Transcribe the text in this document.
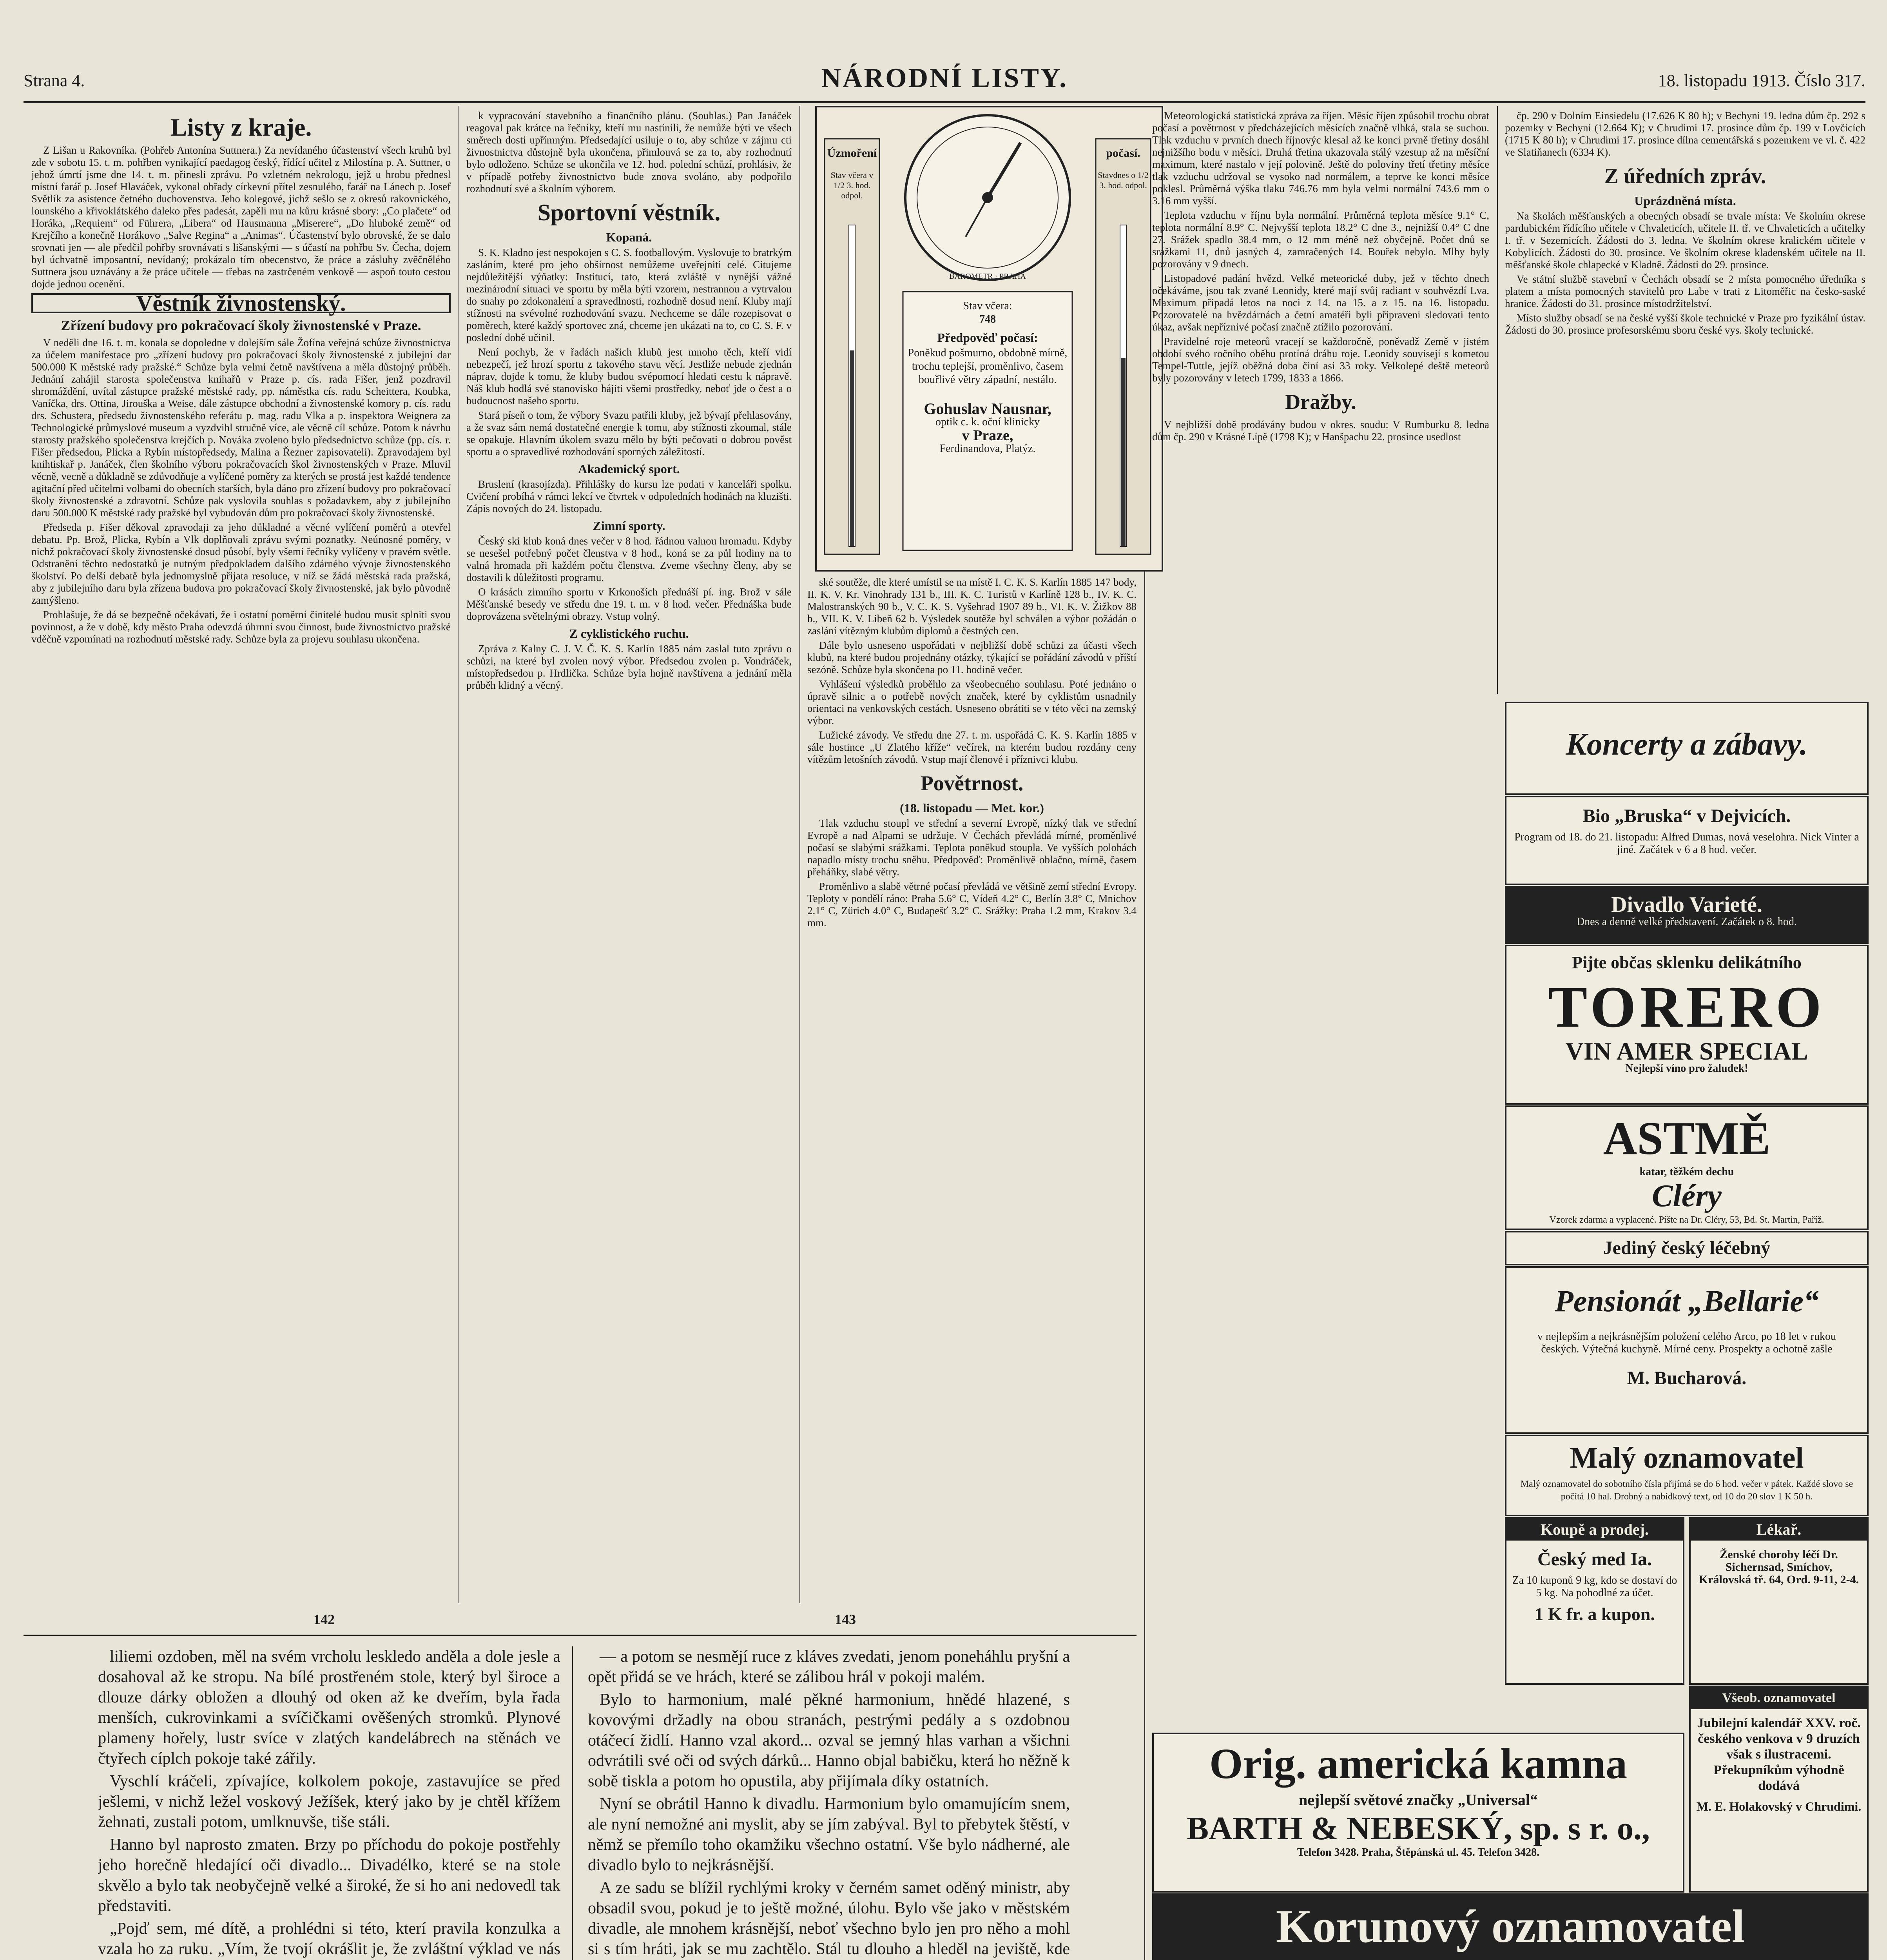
Strana 4.	NÁRODNÍ LISTY.	18. listopadu 1913. Číslo 317.
Listy z kraje.

Z Lišan u Rakovníka. (Pohřeb Antonína Suttnera.) Za nevídaného účastenství všech kruhů byl zde v sobotu 15. t. m. pohřben vynikající paedagog český, řídící učitel z Milostína p. A. Suttner, o jehož úmrtí jsme dne 14. t. m. přinesli zprávu. Po vzletném nekrologu, jejž u hrobu přednesl místní farář p. Josef Hlaváček, vykonal obřady církevní přítel zesnulého, farář na Lánech p. Josef Světlík za asistence četného duchovenstva. Jeho kolegové, jichž sešlo se z okresů rakovnického, lounského a křivoklátského daleko přes padesát, zapěli mu na kůru krásné sbory: „Co plačete“ od Horáka, „Requiem“ od Führera, „Libera“ od Hausmanna „Miserere“, „Do hluboké země“ od Krejčího a konečně Horákovo „Salve Regina“ a „Animas“. Účastenství bylo obrovské, že se dalo srovnati jen — ale předčil pohřby srovnávati s lišanskými — s účastí na pohřbu Sv. Čecha, dojem byl úchvatně imposantní, nevídaný; prokázalo tím obecenstvo, že práce a zásluhy zvěčnělého Suttnera jsou uznávány a že práce učitele — třebas na zastrčeném venkově — aspoň touto cestou dojde jednou ocenění.

Věstník živnostenský.
Zřízení budovy pro pokračovací školy živnostenské v Praze.

V neděli dne 16. t. m. konala se dopoledne v dolejším sále Žofína veřejná schůze živnostnictva za účelem manifestace pro „zřízení budovy pro pokračovací školy živnostenské z jubilejní dar 500.000 K městské rady pražské.“ Schůze byla velmi četně navštívena a měla důstojný průběh. Jednání zahájil starosta společenstva knihařů v Praze p. cís. rada Fišer, jenž pozdravil shromáždění, uvítal zástupce pražské městské rady, pp. náměstka cís. radu Scheittera, Koubka, Vaníčka, drs. Ottina, Jirouška a Weise, dále zástupce obchodní a živnostenské komory p. cís. radu drs. Schustera, předsedu živnostenského referátu p. mag. radu Vlka a p. inspektora Weignera za Technologické průmyslové museum a vyzdvihl stručně více, ale věcně cíl schůze. Potom k návrhu starosty pražského společenstva krejčích p. Nováka zvoleno bylo předsednictvo schůze (pp. cís. r. Fišer předsedou, Plicka a Rybín místopředsedy, Malina a Řezner zapisovateli). Zpravodajem byl knihtiskař p. Janáček, člen školního výboru pokračovacích škol živnostenských v Praze. Mluvil věcně, vecně a důkladně se zdůvodňuje a vylíčené poměry za kterých se prostá jest každé tendence agitační před učitelmi volbami do obecních starších, byla dáno pro zřízení budovy pro pokračovací školy živnostenské a zdravotní. Schůze pak vyslovila souhlas s požadavkem, aby z jubilejního daru 500.000 K městské rady pražské byl vybudován dům pro pokračovací školy živnostenské.

Předseda p. Fišer děkoval zpravodaji za jeho důkladné a věcné vylíčení poměrů a otevřel debatu. Pp. Brož, Plicka, Rybín a Vlk doplňovali zprávu svými poznatky. Neúnosné poměry, v nichž pokračovací školy živnostenské dosud působí, byly všemi řečníky vylíčeny v pravém světle. Odstranění těchto nedostatků je nutným předpokladem dalšího zdárného vývoje živnostenského školství. Po delší debatě byla jednomyslně přijata resoluce, v níž se žádá městská rada pražská, aby z jubilejního daru byla zřízena budova pro pokračovací školy živnostenské, jak bylo původně zamýšleno.

Prohlašuje, že dá se bezpečně očekávati, že i ostatní poměrní činitelé budou musit splniti svou povinnost, a že v době, kdy město Praha odevzdá úhrnní svou činnost, bude živnostnictvo pražské vděčně vzpomínati na rozhodnutí městské rady. Schůze byla za projevu souhlasu ukončena.

k vypracování stavebního a finančního plánu. (Souhlas.) Pan Janáček reagoval pak krátce na řečníky, kteří mu nastínili, že nemůže býti ve všech směrech dosti upřímným. Předsedající usiluje o to, aby schůze v zájmu cti živnostnictva důstojně byla ukončena, přimlouvá se za to, aby rozhodnutí bylo odloženo. Schůze se ukončila ve 12. hod. polední schůzí, prohlásiv, že v případě potřeby živnostnictvo bude znova svoláno, aby podpořilo rozhodnutí své a školním výborem.

Sportovní věstník.
Kopaná.

S. K. Kladno jest nespokojen s C. S. footballovým. Vyslovuje to bratrkým zasláním, které pro jeho obšírnost nemůžeme uveřejniti celé. Citujeme nejdůležitější výňatky: Institucí, tato, která zvláště v nynější vážné mezinárodní situaci ve sportu by měla býti vzorem, nestrannou a vytrvalou do snahy po zdokonalení a spravedlnosti, rozhodně dosud není. Kluby mají stížnosti na svévolné rozhodování svazu. Nechceme se dále rozepisovat o poměrech, které každý sportovec zná, chceme jen ukázati na to, co C. S. F. v poslední době učinil.

Není pochyb, že v řadách našich klubů jest mnoho těch, kteří vidí nebezpečí, jež hrozí sportu z takového stavu věcí. Jestliže nebude zjednán náprav, dojde k tomu, že kluby budou svépomocí hledati cestu k nápravě. Náš klub hodlá své stanovisko hájiti všemi prostředky, neboť jde o čest a o budoucnost našeho sportu.

Stará píseň o tom, že výbory Svazu patřili kluby, jež bývají přehlasovány, a že svaz sám nemá dostatečné energie k tomu, aby stížnosti zkoumal, stále se opakuje. Hlavním úkolem svazu mělo by býti pečovati o dobrou pověst sportu a o spravedlivé rozhodování sporných záležitostí.

Akademický sport.

Bruslení (krasojízda). Přihlášky do kursu lze podati v kanceláři spolku. Cvičení probíhá v rámci lekcí ve čtvrtek v odpoledních hodinách na kluzišti. Zápis novoých do 24. listopadu.

Zimní sporty.

Český ski klub koná dnes večer v 8 hod. řádnou valnou hromadu. Kdyby se nesešel potřebný počet členstva v 8 hod., koná se za půl hodiny na to valná hromada při každém počtu členstva. Zveme všechny členy, aby se dostavili k důležitosti programu.

O krásách zimního sportu v Krkonoších přednáší pí. ing. Brož v sále Měšťanské besedy ve středu dne 19. t. m. v 8 hod. večer. Přednáška bude doprovázena světelnými obrazy. Vstup volný.

Z cyklistického ruchu.

Zpráva z Kalny C. J. V. Č. K. S. Karlín 1885 nám zaslal tuto zprávu o schůzi, na které byl zvolen nový výbor. Předsedou zvolen p. Vondráček, místopředsedou p. Hrdlička. Schůze byla hojně navštívena a jednání měla průběh klidný a věcný.

Úzmoření	počasí.
Stav včera v 1/2 3. hod. odpol.
Stavdnes o 1/2 3. hod. odpol.
BAROMETR · PRAHA
Stav včera:
748
Předpověď počasí:
Poněkud pošmurno, obdobně mírně, trochu teplejší, proměnlivo, časem bouřlivé větry západní, nestálo.
Gohuslav Nausnar,
optik c. k. oční klinicky
v Praze,
Ferdinandova, Platýz.

ské soutěže, dle které umístil se na místě I. C. K. S. Karlín 1885 147 body, II. K. V. Kr. Vinohrady 131 b., III. K. C. Turistů v Karlíně 128 b., IV. K. C. Malostranských 90 b., V. C. K. S. Vyšehrad 1907 89 b., VI. K. V. Žižkov 88 b., VII. K. V. Libeň 62 b. Výsledek soutěže byl schválen a výbor požádán o zaslání vítězným klubům diplomů a čestných cen.

Dále bylo usneseno uspořádati v nejbližší době schůzi za účasti všech klubů, na které budou projednány otázky, týkající se pořádání závodů v příští sezóně. Schůze byla skončena po 11. hodině večer.

Vyhlášení výsledků proběhlo za všeobecného souhlasu. Poté jednáno o úpravě silnic a o potřebě nových značek, které by cyklistům usnadnily orientaci na venkovských cestách. Usneseno obrátiti se v této věci na zemský výbor.

Lužické závody. Ve středu dne 27. t. m. uspořádá C. K. S. Karlín 1885 v sále hostince „U Zlatého kříže“ večírek, na kterém budou rozdány ceny vítězům letošních závodů. Vstup mají členové i příznivci klubu.

Povětrnost.
(18. listopadu — Met. kor.)

Tlak vzduchu stoupl ve střední a severní Evropě, nízký tlak ve střední Evropě a nad Alpami se udržuje. V Čechách převládá mírné, proměnlivé počasí se slabými srážkami. Teplota poněkud stoupla. Ve vyšších polohách napadlo místy trochu sněhu. Předpověď: Proměnlivě oblačno, mírně, časem přeháňky, slabé větry.

Proměnlivo a slabě větrné počasí převládá ve většině zemí střední Evropy. Teploty v pondělí ráno: Praha 5.6° C, Vídeň 4.2° C, Berlín 3.8° C, Mnichov 2.1° C, Zürich 4.0° C, Budapešť 3.2° C. Srážky: Praha 1.2 mm, Krakov 3.4 mm.

Meteorologická statistická zpráva za říjen. Měsíc říjen způsobil trochu obrat počasí a povětrnost v předcházejících měsících značně vlhká, stala se suchou. Tlak vzduchu v prvních dnech říjnovýc klesal až ke konci prvně třetiny dosáhl nejnižšího bodu v měsíci. Druhá třetina ukazovala stálý vzestup až na měsíční maximum, které nastalo v její polovině. Ještě do poloviny třetí třetiny měsíce tlak vzduchu udržoval se vysoko nad normálem, a teprve ke konci měsíce poklesl. Průměrná výška tlaku 746.76 mm byla velmi normální 743.6 mm o 3.16 mm vyšší.

Teplota vzduchu v říjnu byla normální. Průměrná teplota měsíce 9.1° C, teplota normální 8.9° C. Nejvyšší teplota 18.2° C dne 3., nejnižší 0.4° C dne 27. Srážek spadlo 38.4 mm, o 12 mm méně než obyčejně. Počet dnů se srážkami 11, dnů jasných 4, zamračených 14. Bouřek nebylo. Mlhy byly pozorovány v 9 dnech.

Listopadové padání hvězd. Velké meteorické duby, jež v těchto dnech očekáváme, jsou tak zvané Leonidy, které mají svůj radiant v souhvězdí Lva. Maximum připadá letos na noci z 14. na 15. a z 15. na 16. listopadu. Pozorovatelé na hvězdárnách a četní amatéři byli připraveni sledovati tento úkaz, avšak nepříznivé počasí značně ztížilo pozorování.

Pravidelné roje meteorů vracejí se každoročně, poněvadž Země v jistém období svého ročního oběhu protíná dráhu roje. Leonidy souvisejí s kometou Tempel-Tuttle, jejíž oběžná doba činí asi 33 roky. Velkolepé deště meteorů byly pozorovány v letech 1799, 1833 a 1866.

Dražby.

V nejbližší době prodávány budou v okres. soudu: V Rumburku 8. ledna dům čp. 290 v Krásné Lípě (1798 K); v Hanšpachu 22. prosince usedlost

čp. 290 v Dolním Einsiedelu (17.626 K 80 h); v Bechyni 19. ledna dům čp. 292 s pozemky v Bechyni (12.664 K); v Chrudimi 17. prosince dům čp. 199 v Lovčicích (1715 K 80 h); v Chrudimi 17. prosince dílna cementářská s pozemkem ve vl. č. 422 ve Slatiňanech (6334 K).

Z úředních zpráv.
Uprázdněná místa.

Na školách měšťanských a obecných obsadí se trvale místa: Ve školním okrese pardubickém řídícího učitele v Chvaleticích, učitele II. tř. ve Chvaleticích a učitelky I. tř. v Sezemicích. Žádosti do 3. ledna. Ve školním okrese kralickém učitele v Kobylicích. Žádosti do 30. prosince. Ve školním okrese kladenském učitele na II. měšťanské škole chlapecké v Kladně. Žádosti do 29. prosince.

Ve státní službě stavební v Čechách obsadí se 2 místa pomocného úředníka s platem a místa pomocných stavitelů pro Labe v trati z Litoměřic na česko-saské hranice. Žádosti do 31. prosince místodržitelství.

Místo služby obsadí se na české vyšší škole technické v Praze pro fyzikální ústav. Žádosti do 30. prosince profesorskému sboru české vys. školy technické.

Koncerty a zábavy.
Bio „Bruska“ v Dejvicích.
Program od 18. do 21. listopadu: Alfred Dumas, nová veselohra. Nick Vinter a jiné. Začátek v 6 a 8 hod. večer.
Divadlo Varieté.
Dnes a denně velké představení. Začátek o 8. hod.
Pijte občas sklenku delikátního
TORERO
VIN AMER SPECIAL
Nejlepší víno pro žaludek!
ASTMĚ
katar, těžkém dechu
Cléry
Vzorek zdarma a vyplacené. Píšte na Dr. Cléry, 53, Bd. St. Martin, Paříž.
Jediný český léčebný
Pensionát „Bellarie“
v nejlepším a nejkrásnějším položení celého Arco, po 18 let v rukou českých. Výtečná kuchyně. Mírné ceny. Prospekty a ochotně zašle
M. Bucharová.
Malý oznamovatel
Malý oznamovatel do sobotního čísla přijímá se do 6 hod. večer v pátek. Každé slovo se počítá 10 hal. Drobný a nabídkový text, od 10 do 20 slov 1 K 50 h.
Koupě a prodej.
Český med Ia.
Za 10 kuponů 9 kg, kdo se dostaví do 5 kg. Na pohodlné za účet.
1 K fr. a kupon.
Lékař.
Ženské choroby léčí Dr. Sichernsad, Smíchov, Královská tř. 64, Ord. 9-11, 2-4.
Všeob. oznamovatel
Jubilejní kalendář XXV. roč. českého venkova v 9 druzích však s ilustracemi. Překupníkům výhodně dodává
M. E. Holakovský v Chrudimi.
Orig. americká kamna
nejlepší světové značky „Universal“
BARTH & NEBESKÝ, sp. s r. o.,
Telefon 3428. Praha, Štěpánská ul. 45. Telefon 3428.
Korunový oznamovatel
142	143

liliemi ozdoben, měl na svém vrcholu leskledo anděla a dole jesle a dosahoval až ke stropu. Na bílé prostřeném stole, který byl široce a dlouze dárky obložen a dlouhý od oken až ke dveřím, byla řada menších, cukrovinkami a svíčičkami ověšených stromků. Plynové plameny hořely, lustr svíce v zlatých kandelábrech na stěnách ve čtyřech cíplch pokoje také zářily.

Vyschlí kráčeli, zpívajíce, kolkolem pokoje, zastavujíce se před ješlemi, v nichž ležel voskový Ježíšek, který jako by je chtěl křížem žehnati, zustali potom, umlknuvše, tiše stáli.

Hanno byl naprosto zmaten. Brzy po příchodu do pokoje postřehly jeho horečně hledající oči divadlo... Divadélko, které se na stole skvělo a bylo tak neobyčejně velké a široké, že si ho ani nedovedl tak představiti.

„Pojď sem, mé dítě, a prohlédni si této, kterí pravila konzulka a vzala ho za ruku. „Vím, že tvojí okrášlit je, že zvláštní výklad ve nás

— a potom se nesmějí ruce z kláves zvedati, jenom poneháhlu pryšní a opět přidá se ve hrách, které se zálibou hrál v pokoji malém.

Bylo to harmonium, malé pěkné harmonium, hnědé hlazené, s kovovými držadly na obou stranách, pestrými pedály a s ozdobnou otáčecí židlí. Hanno vzal akord... ozval se jemný hlas varhan a všichni odvrátili své oči od svých dárků... Hanno objal babičku, která ho něžně k sobě tiskla a potom ho opustila, aby přijímala díky ostatních.

Nyní se obrátil Hanno k divadlu. Harmonium bylo omamujícím snem, ale nyní nemožné ani myslit, aby se jím zabýval. Byl to přebytek štěstí, v němž se přemílo toho okamžiku všechno ostatní. Vše bylo nádherné, ale divadlo bylo to nejkrásnější.

A ze sadu se blížil rychlými kroky v černém samet oděný ministr, aby obsadil svou, pokud je to ještě možné, úlohu. Bylo vše jako v městském divadle, ale mnohem krásnější, neboť všechno bylo jen pro něho a mohl si s tím hráti, jak se mu zachtělo. Stál tu dlouho a hleděl na jeviště, kde
